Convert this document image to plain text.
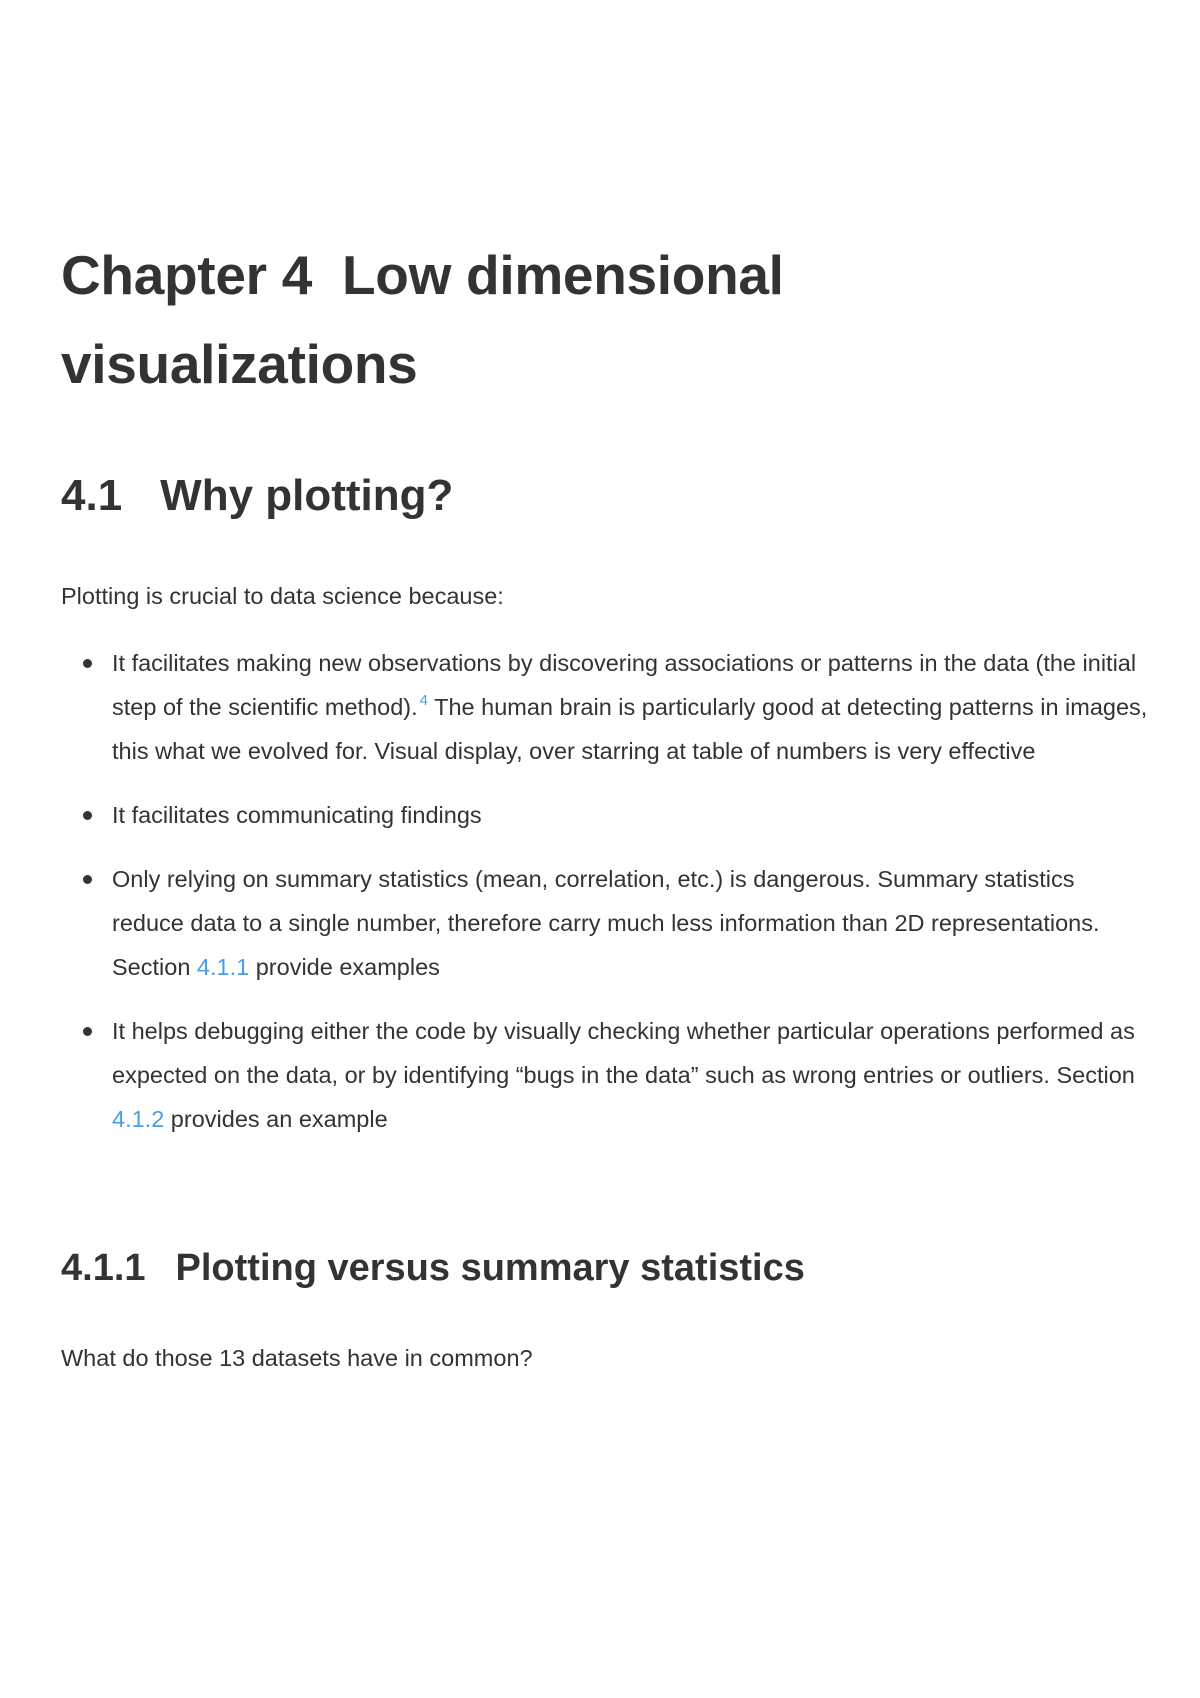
Chapter 4 Low dimensional visualizations
4.1 Why plotting?

Plotting is crucial to data science because:

It facilitates making new observations by discovering associations or patterns in the data (the initial step of the scientific method). $^4$ The human brain is particularly good at detecting patterns in images, this what we evolved for. Visual display, over starring at table of numbers is very effective
It facilitates communicating findings
Only relying on summary statistics (mean, correlation, etc.) is dangerous. Summary statistics reduce data to a single number, therefore carry much less information than 2D representations. Section 4.1.1 provide examples
It helps debugging either the code by visually checking whether particular operations performed as expected on the data, or by identifying “bugs in the data” such as wrong entries or outliers. Section 4.1.2 provides an example
4.1.1 Plotting versus summary statistics

What do those 13 datasets have in common?
